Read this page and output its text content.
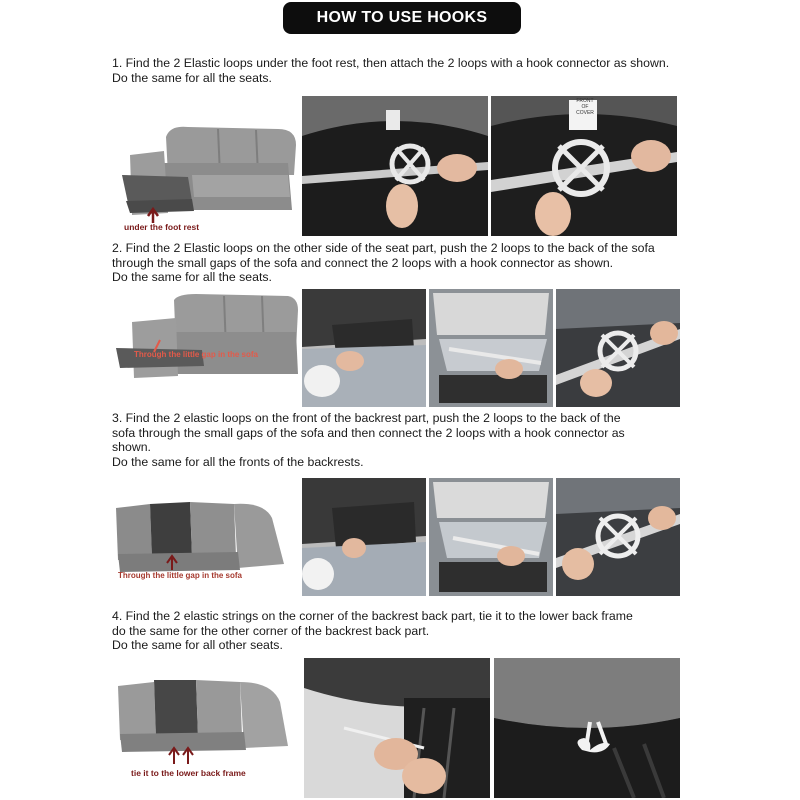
HOW TO USE HOOKS
1. Find the 2 Elastic loops under the foot rest, then attach the 2 loops with a hook connector as shown.
Do the same for all the seats.
under the foot rest
FRONT
OF
COVER
2. Find the 2 Elastic loops on the other side of the seat part, push the 2 loops to the back of the sofa
through the small gaps of the sofa and connect the 2 loops with a hook connector as shown.
Do the same for all the seats.
Through the little gap in the sofa
3. Find the 2 elastic loops on the front of the backrest part, push the 2 loops to the back of the
sofa through the small gaps of the sofa and then connect the 2 loops with a hook connector as
shown.
Do the same for all the fronts of the backrests.
Through the little gap in the sofa
4. Find the 2 elastic strings on the corner of the backrest back part, tie it to the lower back frame
do the same for the other corner of the backrest back part.
Do the same for all other seats.
tie it to the lower back frame
